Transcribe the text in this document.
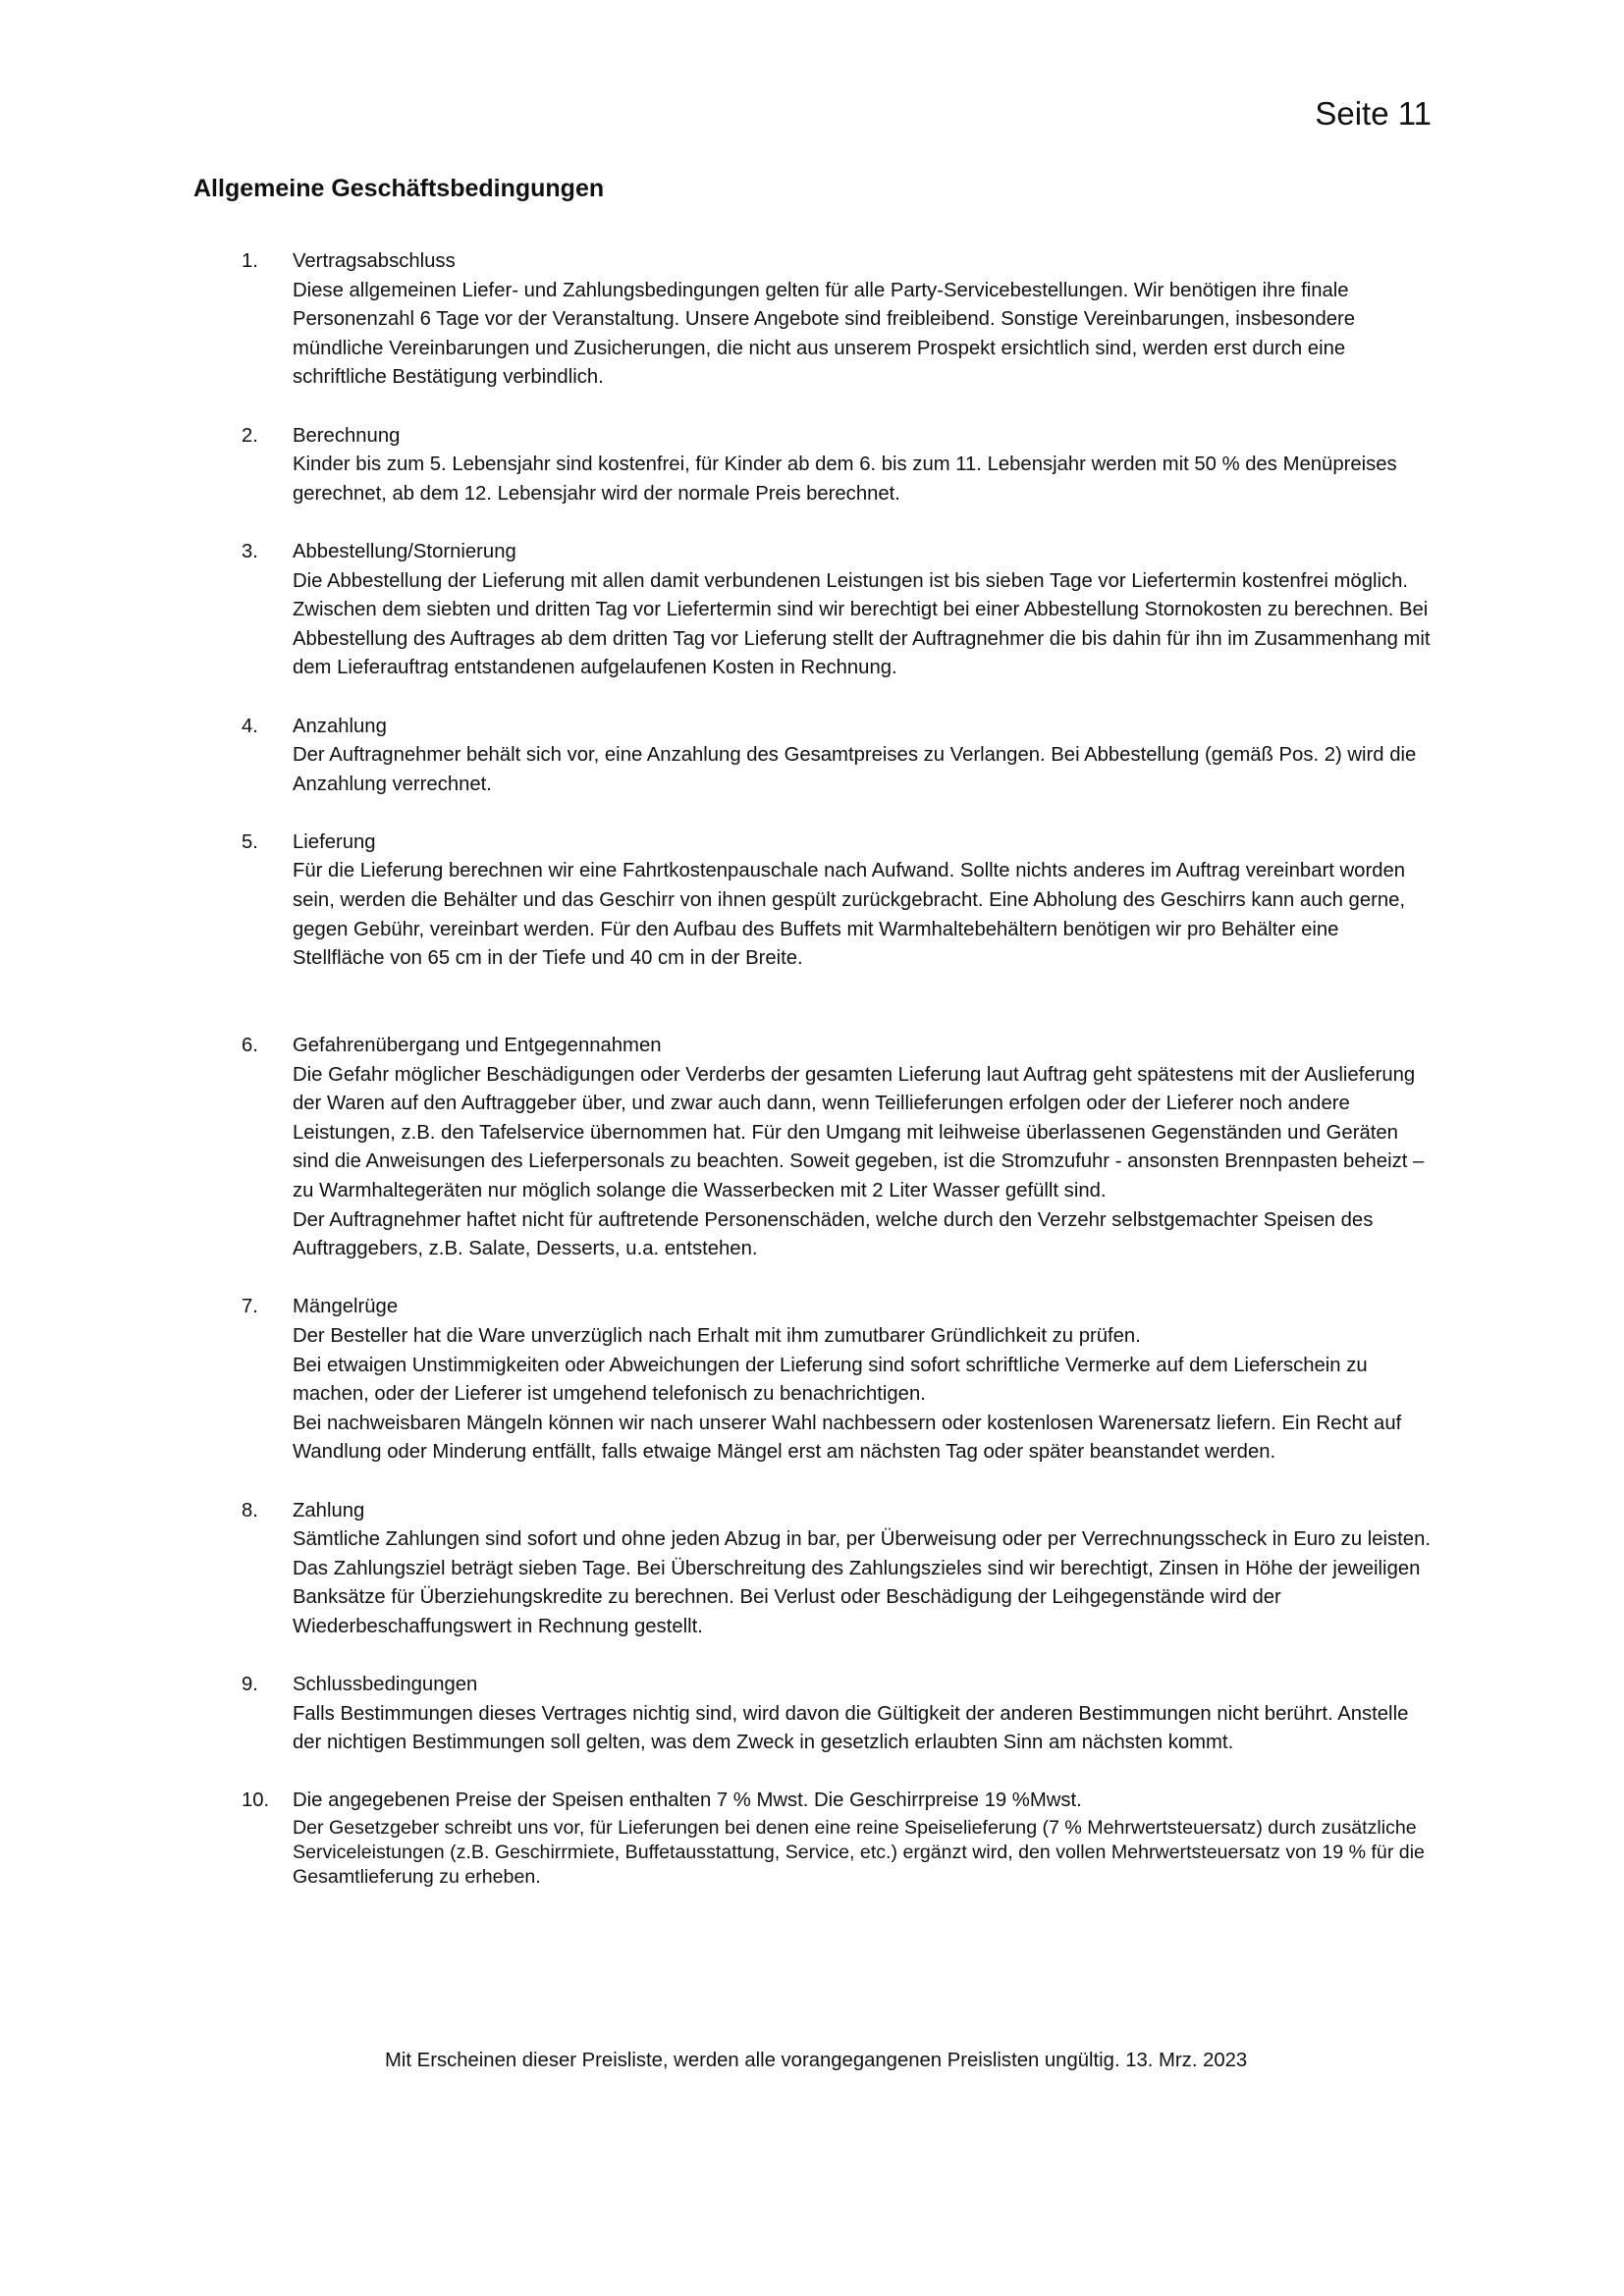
Seite 11
Allgemeine Geschäftsbedingungen
1. Vertragsabschluss
Diese allgemeinen Liefer- und Zahlungsbedingungen gelten für alle Party-Servicebestellungen. Wir benötigen ihre finale Personenzahl 6 Tage vor der Veranstaltung. Unsere Angebote sind freibleibend. Sonstige Vereinbarungen, insbesondere mündliche Vereinbarungen und Zusicherungen, die nicht aus unserem Prospekt ersichtlich sind, werden erst durch eine schriftliche Bestätigung verbindlich.
2. Berechnung
Kinder bis zum 5. Lebensjahr sind kostenfrei, für Kinder ab dem 6. bis zum 11. Lebensjahr werden mit 50 % des Menüpreises gerechnet, ab dem 12. Lebensjahr wird der normale Preis berechnet.
3. Abbestellung/Stornierung
Die Abbestellung der Lieferung mit allen damit verbundenen Leistungen ist bis sieben Tage vor Liefertermin kostenfrei möglich. Zwischen dem siebten und dritten Tag vor Liefertermin sind wir berechtigt bei einer Abbestellung Stornokosten zu berechnen. Bei Abbestellung des Auftrages ab dem dritten Tag vor Lieferung stellt der Auftragnehmer die bis dahin für ihn im Zusammenhang mit dem Lieferauftrag entstandenen aufgelaufenen Kosten in Rechnung.
4. Anzahlung
Der Auftragnehmer behält sich vor, eine Anzahlung des Gesamtpreises zu Verlangen. Bei Abbestellung (gemäß Pos. 2) wird die Anzahlung verrechnet.
5. Lieferung
Für die Lieferung berechnen wir eine Fahrtkostenpauschale nach Aufwand. Sollte nichts anderes im Auftrag vereinbart worden sein, werden die Behälter und das Geschirr von ihnen gespült zurückgebracht. Eine Abholung des Geschirrs kann auch gerne, gegen Gebühr, vereinbart werden. Für den Aufbau des Buffets mit Warmhaltebehältern benötigen wir pro Behälter eine Stellfläche von 65 cm in der Tiefe und 40 cm in der Breite.
6. Gefahrenübergang und Entgegennahmen
Die Gefahr möglicher Beschädigungen oder Verderbs der gesamten Lieferung laut Auftrag geht spätestens mit der Auslieferung der Waren auf den Auftraggeber über, und zwar auch dann, wenn Teillieferungen erfolgen oder der Lieferer noch andere Leistungen, z.B. den Tafelservice übernommen hat. Für den Umgang mit leihweise überlassenen Gegenständen und Geräten sind die Anweisungen des Lieferpersonals zu beachten. Soweit gegeben, ist die Stromzufuhr - ansonsten Brennpasten beheizt – zu Warmhaltegeräten nur möglich solange die Wasserbecken mit 2 Liter Wasser gefüllt sind.
Der Auftragnehmer haftet nicht für auftretende Personenschäden, welche durch den Verzehr selbstgemachter Speisen des Auftraggebers, z.B. Salate, Desserts, u.a. entstehen.
7. Mängelrüge
Der Besteller hat die Ware unverzüglich nach Erhalt mit ihm zumutbarer Gründlichkeit zu prüfen.
Bei etwaigen Unstimmigkeiten oder Abweichungen der Lieferung sind sofort schriftliche Vermerke auf dem Lieferschein zu machen, oder der Lieferer ist umgehend telefonisch zu benachrichtigen.
Bei nachweisbaren Mängeln können wir nach unserer Wahl nachbessern oder kostenlosen Warenersatz liefern. Ein Recht auf Wandlung oder Minderung entfällt, falls etwaige Mängel erst am nächsten Tag oder später beanstandet werden.
8. Zahlung
Sämtliche Zahlungen sind sofort und ohne jeden Abzug in bar, per Überweisung oder per Verrechnungsscheck in Euro zu leisten.
Das Zahlungsziel beträgt sieben Tage. Bei Überschreitung des Zahlungszieles sind wir berechtigt, Zinsen in Höhe der jeweiligen Banksätze für Überziehungskredite zu berechnen. Bei Verlust oder Beschädigung der Leihgegenstände wird der Wiederbeschaffungswert in Rechnung gestellt.
9. Schlussbedingungen
Falls Bestimmungen dieses Vertrages nichtig sind, wird davon die Gültigkeit der anderen Bestimmungen nicht berührt. Anstelle der nichtigen Bestimmungen soll gelten, was dem Zweck in gesetzlich erlaubten Sinn am nächsten kommt.
10. Die angegebenen Preise der Speisen enthalten 7 % Mwst. Die Geschirrpreise 19 %Mwst.
Der Gesetzgeber schreibt uns vor, für Lieferungen bei denen eine reine Speiselieferung (7 % Mehrwertsteuersatz) durch zusätzliche Serviceleistungen (z.B. Geschirrmiete, Buffetausstattung, Service, etc.) ergänzt wird, den vollen Mehrwertsteuersatz von 19 % für die Gesamtlieferung zu erheben.
Mit Erscheinen dieser Preisliste, werden alle vorangegangenen Preislisten ungültig. 13. Mrz. 2023
